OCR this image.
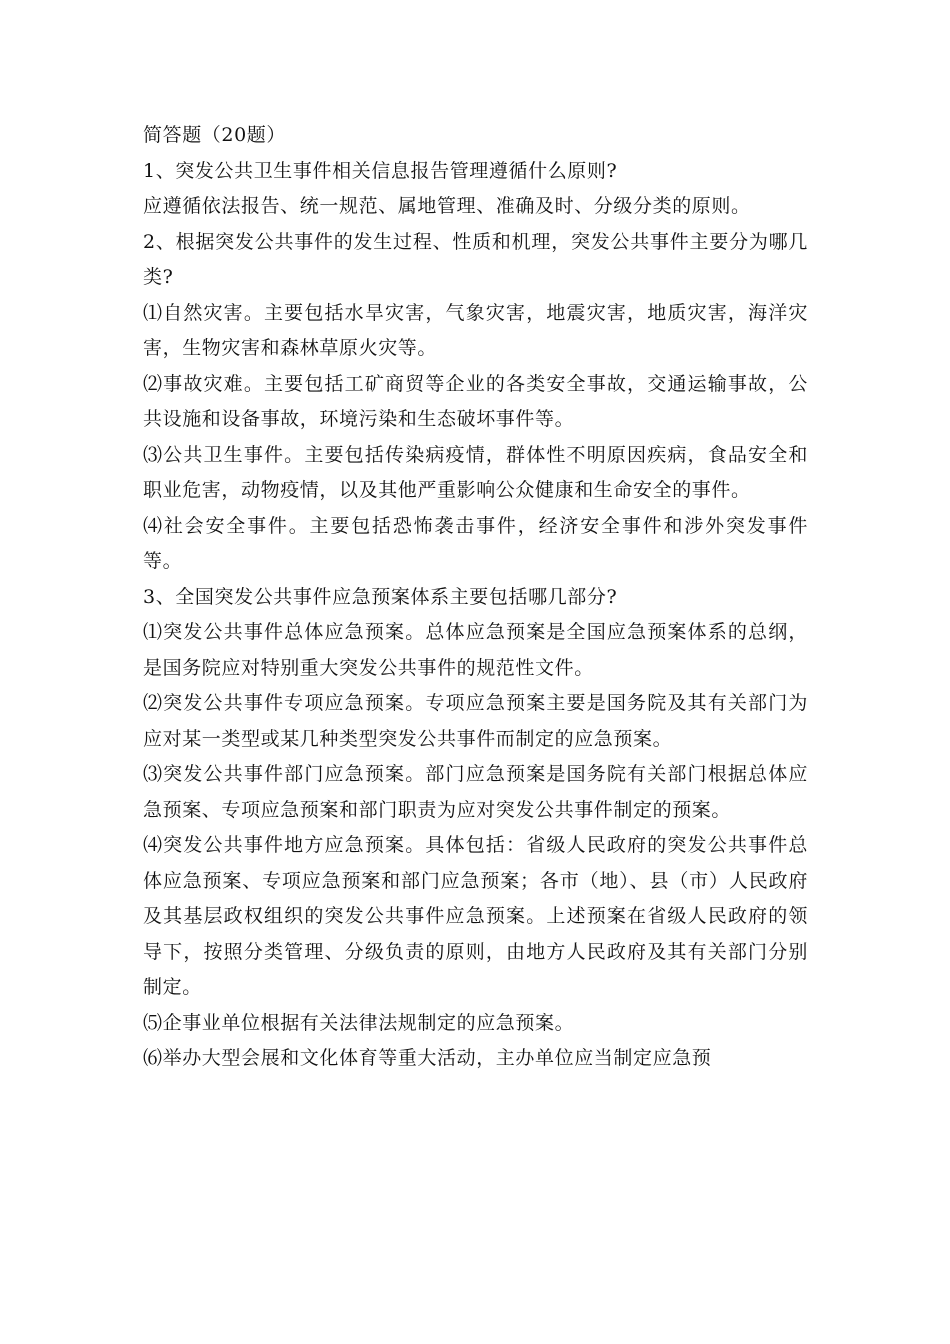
简答题（20题）

1、突发公共卫生事件相关信息报告管理遵循什么原则?

应遵循依法报告、统一规范、属地管理、准确及时、分级分类的原则。

2、根据突发公共事件的发生过程、性质和机理，突发公共事件主要分为哪几类?

⑴自然灾害。主要包括水旱灾害，气象灾害，地震灾害，地质灾害，海洋灾害，生物灾害和森林草原火灾等。

⑵事故灾难。主要包括工矿商贸等企业的各类安全事故，交通运输事故，公共设施和设备事故，环境污染和生态破坏事件等。

⑶公共卫生事件。主要包括传染病疫情，群体性不明原因疾病，食品安全和职业危害，动物疫情，以及其他严重影响公众健康和生命安全的事件。

⑷社会安全事件。主要包括恐怖袭击事件，经济安全事件和涉外突发事件等。

3、全国突发公共事件应急预案体系主要包括哪几部分?

⑴突发公共事件总体应急预案。总体应急预案是全国应急预案体系的总纲，是国务院应对特别重大突发公共事件的规范性文件。

⑵突发公共事件专项应急预案。专项应急预案主要是国务院及其有关部门为应对某一类型或某几种类型突发公共事件而制定的应急预案。

⑶突发公共事件部门应急预案。部门应急预案是国务院有关部门根据总体应急预案、专项应急预案和部门职责为应对突发公共事件制定的预案。

⑷突发公共事件地方应急预案。具体包括：省级人民政府的突发公共事件总体应急预案、专项应急预案和部门应急预案；各市（地）、县（市）人民政府及其基层政权组织的突发公共事件应急预案。上述预案在省级人民政府的领导下，按照分类管理、分级负责的原则，由地方人民政府及其有关部门分别制定。

⑸企事业单位根据有关法律法规制定的应急预案。

⑹举办大型会展和文化体育等重大活动，主办单位应当制定应急预
